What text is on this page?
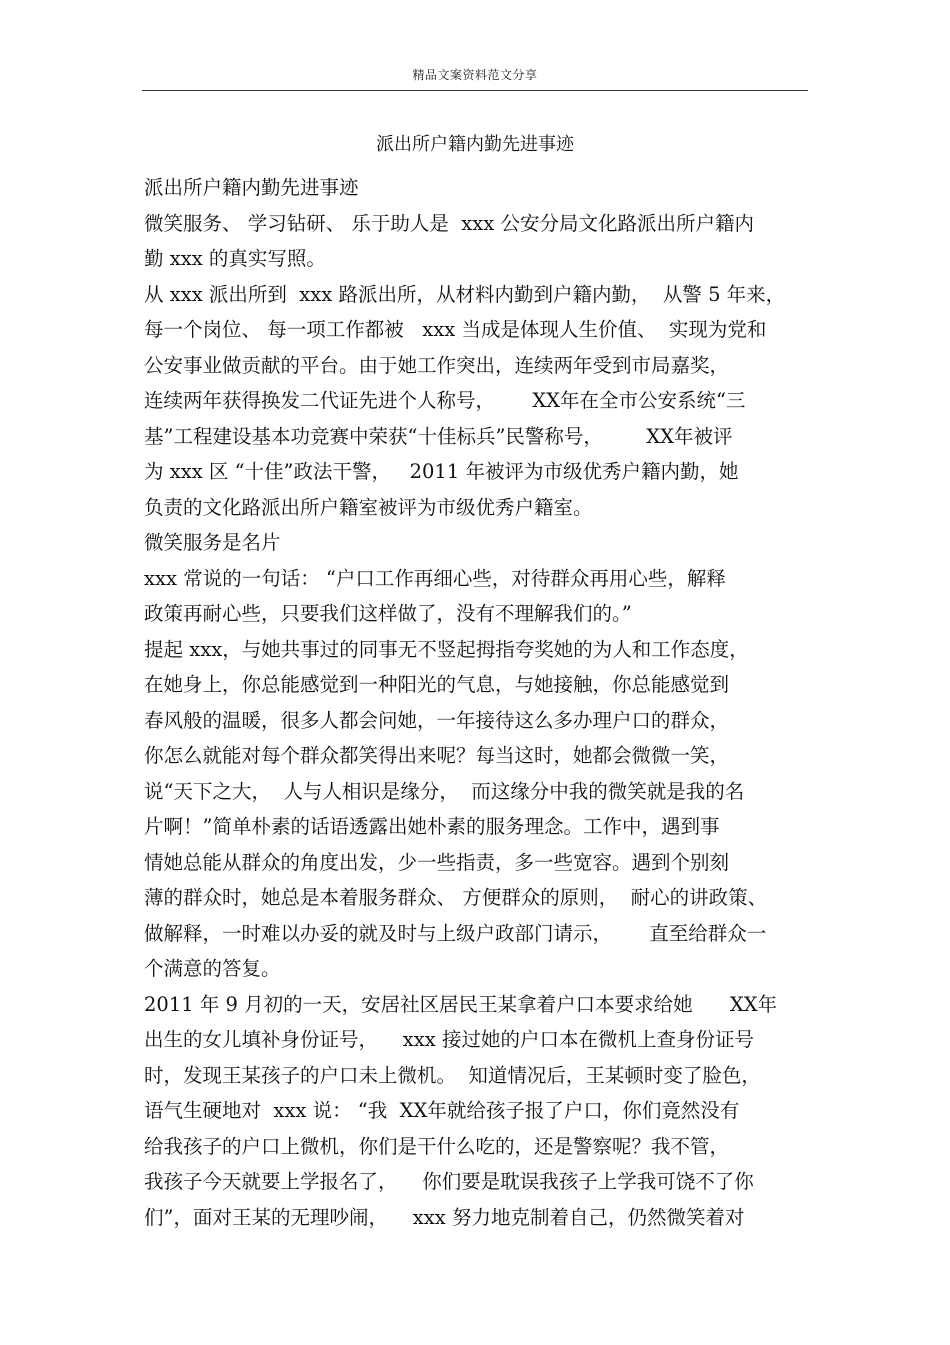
精品文案资料范文分享
派出所户籍内勤先进事迹
派出所户籍内勤先进事迹
微笑服务、 学习钻研、 乐于助人是  xxx 公安分局文化路派出所户籍内
勤 xxx 的真实写照。
从 xxx 派出所到  xxx 路派出所，从材料内勤到户籍内勤，  从警 5 年来，
每一个岗位、 每一项工作都被   xxx 当成是体现人生价值、  实现为党和
公安事业做贡献的平台。由于她工作突出，连续两年受到市局嘉奖，
连续两年获得换发二代证先进个人称号，      XX年在全市公安系统“三
基”工程建设基本功竞赛中荣获“十佳标兵”民警称号，       XX年被评
为 xxx 区 “十佳”政法干警，   2011 年被评为市级优秀户籍内勤，她
负责的文化路派出所户籍室被评为市级优秀户籍室。
微笑服务是名片
xxx 常说的一句话： “户口工作再细心些，对待群众再用心些，解释
政策再耐心些，只要我们这样做了，没有不理解我们的。”
提起 xxx，与她共事过的同事无不竖起拇指夸奖她的为人和工作态度，
在她身上，你总能感觉到一种阳光的气息，与她接触，你总能感觉到
春风般的温暖，很多人都会问她，一年接待这么多办理户口的群众，
你怎么就能对每个群众都笑得出来呢？每当这时，她都会微微一笑，
说“天下之大，  人与人相识是缘分，  而这缘分中我的微笑就是我的名
片啊！”简单朴素的话语透露出她朴素的服务理念。工作中，遇到事
情她总能从群众的角度出发，少一些指责，多一些宽容。遇到个别刻
薄的群众时，她总是本着服务群众、 方便群众的原则，  耐心的讲政策、
做解释，一时难以办妥的就及时与上级户政部门请示，      直至给群众一
个满意的答复。
2011 年 9 月初的一天，安居社区居民王某拿着户口本要求给她      XX年
出生的女儿填补身份证号，    xxx 接过她的户口本在微机上查身份证号
时，发现王某孩子的户口未上微机。  知道情况后，王某顿时变了脸色，
语气生硬地对  xxx 说： “我  XX年就给孩子报了户口，你们竟然没有
给我孩子的户口上微机，你们是干什么吃的，还是警察呢？我不管，
我孩子今天就要上学报名了，    你们要是耽误我孩子上学我可饶不了你
们”，面对王某的无理吵闹，    xxx 努力地克制着自己，仍然微笑着对
